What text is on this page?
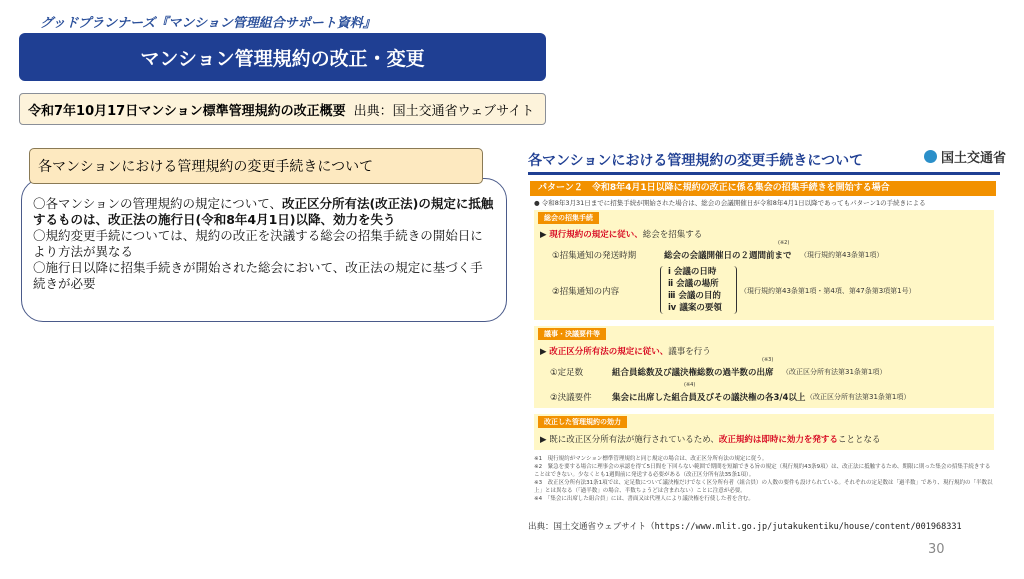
グッドプランナーズ『マンション管理組合サポート資料』
マンション管理規約の改正・変更
令和7年10月17日マンション標準管理規約の改正概要 出典：国土交通省ウェブサイト
各マンションにおける管理規約の変更手続きについて
〇各マンションの管理規約の規定について、改正区分所有法(改正法)の規定に抵触するものは、改正法の施行日(令和8年4月1日)以降、効力を失う
〇規約変更手続については、規約の改正を決議する総会の招集手続きの開始日により方法が異なる
〇施行日以降に招集手続きが開始された総会において、改正法の規定に基づく手続きが必要
各マンションにおける管理規約の変更手続きについて	国土交通省
パターン２　令和8年4月1日以降に規約の改正に係る集会の招集手続きを開始する場合
● 令和8年3月31日までに招集手続が開始された場合は、総会の会議開催日が令和8年4月1日以降であってもパターン1の手続きによる
総会の招集手続
▶ 現行規約の規定に従い、総会を招集する
①招集通知の発送時期
(※2)
総会の会議開催日の２週間前まで （現行規約第43条第1項）
②招集通知の内容
ⅰ 会議の日時
ⅱ 会議の場所
ⅲ 会議の目的
ⅳ 議案の要領
（現行規約第43条第1項・第4項、第47条第3項第1号）
議事・決議要件等
▶ 改正区分所有法の規定に従い、議事を行う
①定足数
(※3)
組合員総数及び議決権総数の過半数の出席 （改正区分所有法第31条第1項）
②決議要件
(※4)
集会に出席した組合員及びその議決権の各3/4以上 （改正区分所有法第31条第1項）
改正した管理規約の効力
▶ 既に改正区分所有法が施行されているため、改正規約は即時に効力を発することとなる
※1　現行規約がマンション標準管理規約と同じ規定の場合は、改正区分所有法の規定に従う。
※2　緊急を要する場合に理事会の承認を得て5日間を下回らない範囲で期間を短縮できる旨の規定（現行規約43条9項）は、改正法に抵触するため、期限に則った集会の招集手続きすることはできない。少なくとも1週間前に発送する必要がある（改正区分所有法35条1項）。
※3　改正区分所有法31条1項では、定足数について議決権だけでなく区分所有者（組合員）の人数の要件も設けられている。それぞれの定足数は「過半数」であり、現行規約の「半数以上」とは異なる（「過半数」の場合、半数ちょうどは含まれない）ことに注意が必要。
※4　「集会に出席した組合員」には、書面又は代理人により議決権を行使した者を含む。
出典：国土交通省ウェブサイト（https://www.mlit.go.jp/jutakukentiku/house/content/001968331
30
